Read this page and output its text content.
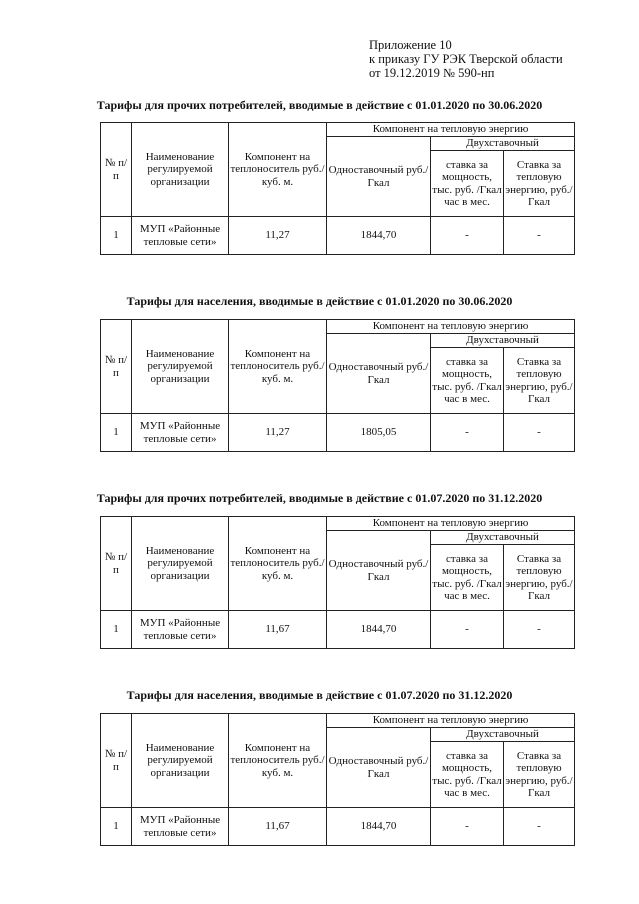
Приложение 10
к приказу ГУ РЭК Тверской области
от 19.12.2019 № 590-нп
Тарифы для прочих потребителей, вводимые в действие с 01.01.2020 по 30.06.2020
№ п/п	Наименование регулируемой организации	Компонент на теплоноситель руб./куб. м.	Компонент на тепловую энергию		
			Одноставочный руб./Гкал	Двухставочный	
				ставка за мощность, тыс. руб. /Гкал час в мес.	Ставка за тепловую энергию, руб./Гкал
1	МУП «Районные тепловые сети»	11,27	1844,70	-	-
Тарифы для населения, вводимые в действие с 01.01.2020 по 30.06.2020
№ п/п	Наименование регулируемой организации	Компонент на теплоноситель руб./куб. м.	Компонент на тепловую энергию		
			Одноставочный руб./Гкал	Двухставочный	
				ставка за мощность, тыс. руб. /Гкал час в мес.	Ставка за тепловую энергию, руб./Гкал
1	МУП «Районные тепловые сети»	11,27	1805,05	-	-
Тарифы для прочих потребителей, вводимые в действие с 01.07.2020 по 31.12.2020
№ п/п	Наименование регулируемой организации	Компонент на теплоноситель руб./куб. м.	Компонент на тепловую энергию		
			Одноставочный руб./Гкал	Двухставочный	
				ставка за мощность, тыс. руб. /Гкал час в мес.	Ставка за тепловую энергию, руб./Гкал
1	МУП «Районные тепловые сети»	11,67	1844,70	-	-
Тарифы для населения, вводимые в действие с 01.07.2020 по 31.12.2020
№ п/п	Наименование регулируемой организации	Компонент на теплоноситель руб./куб. м.	Компонент на тепловую энергию		
			Одноставочный руб./Гкал	Двухставочный	
				ставка за мощность, тыс. руб. /Гкал час в мес.	Ставка за тепловую энергию, руб./Гкал
1	МУП «Районные тепловые сети»	11,67	1844,70	-	-
